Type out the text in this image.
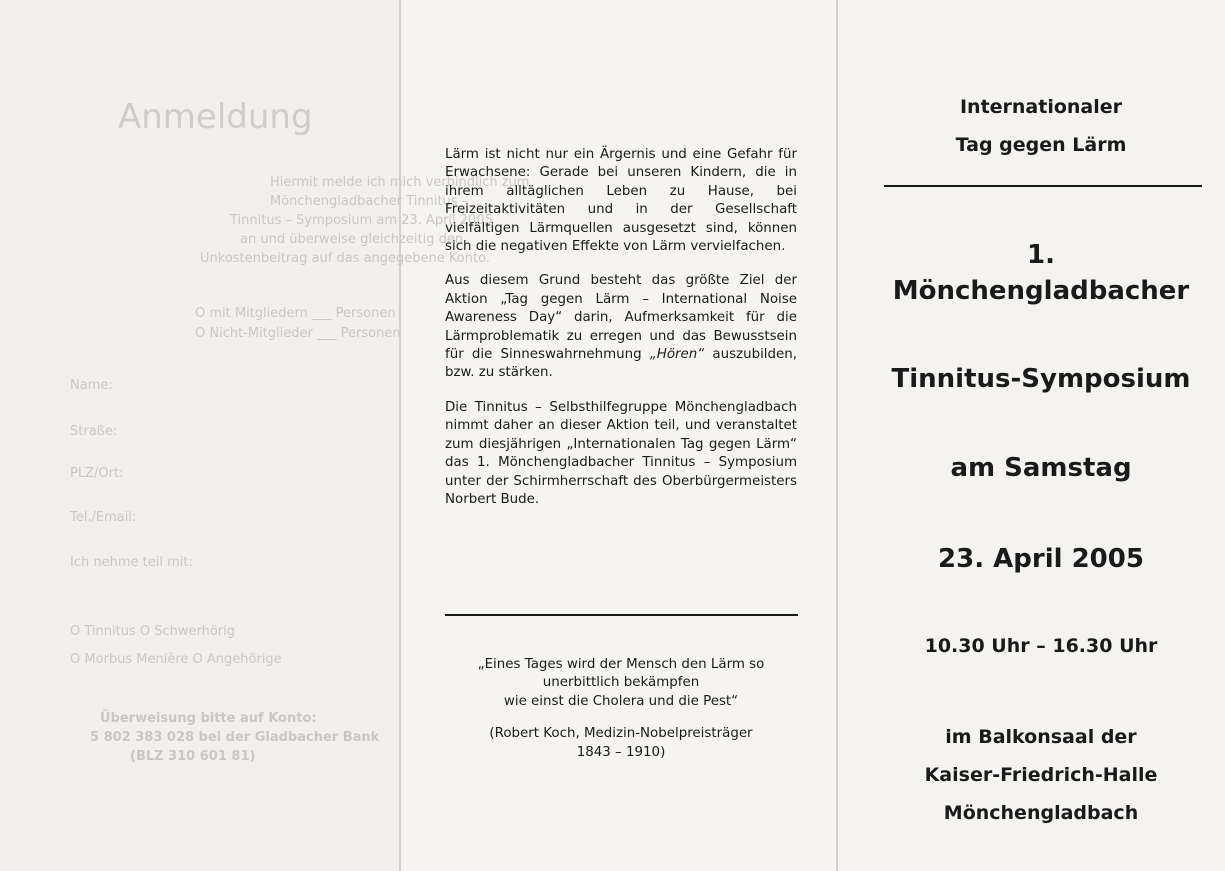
Anmeldung
Hiermit melde ich mich verbindlich zum
Mönchengladbacher Tinnitus –
Tinnitus – Symposium am 23. April 2005
an und überweise gleichzeitig den
Unkostenbeitrag auf das angegebene Konto.
O mit Mitgliedern ___ Personen
O Nicht-Mitglieder ___ Personen
Name:
Straße:
PLZ/Ort:
Tel./Email:
Ich nehme teil mit:
O Tinnitus O Schwerhörig
O Morbus Menière O Angehörige
Überweisung bitte auf Konto:
5 802 383 028 bei der Gladbacher Bank
(BLZ 310 601 81)

Lärm ist nicht nur ein Ärgernis und eine Gefahr für Erwachsene: Gerade bei unseren Kindern, die in ihrem alltäglichen Leben zu Hause, bei Freizeitaktivitäten und in der Gesellschaft vielfältigen Lärmquellen ausgesetzt sind, können sich die negativen Effekte von Lärm vervielfachen.

Aus diesem Grund besteht das größte Ziel der Aktion „Tag gegen Lärm – International Noise Awareness Day“ darin, Aufmerksamkeit für die Lärmproblematik zu erregen und das Bewusstsein für die Sinneswahrnehmung „Hören“ auszubilden, bzw. zu stärken.

Die Tinnitus – Selbsthilfegruppe Mönchengladbach nimmt daher an dieser Aktion teil, und veranstaltet zum diesjährigen „Internationalen Tag gegen Lärm“ das 1. Mönchengladbacher Tinnitus – Symposium unter der Schirmherrschaft des Oberbürgermeisters Norbert Bude.

„Eines Tages wird der Mensch den Lärm so
unerbittlich bekämpfen
wie einst die Cholera und die Pest“
(Robert Koch, Medizin-Nobelpreisträger
1843 – 1910)
Internationaler
Tag gegen Lärm
1.
Mönchengladbacher
Tinnitus-Symposium
am Samstag
23. April 2005
10.30 Uhr – 16.30 Uhr
im Balkonsaal der
Kaiser-Friedrich-Halle
Mönchengladbach
